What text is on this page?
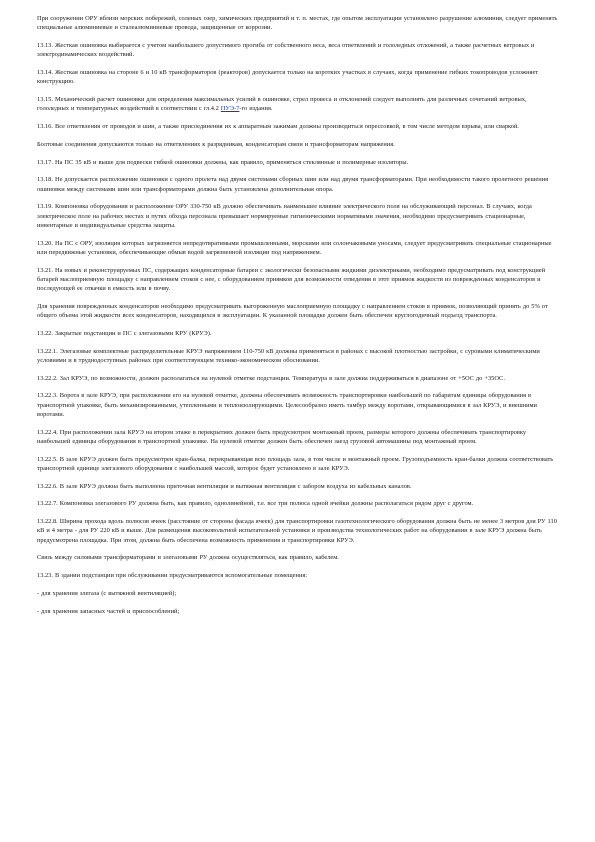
При сооружении ОРУ вблизи морских побережий, соленых озер, химических предприятий и т. п. местах, где опытом эксплуатации установлено разрушение алюминия, следует применять специальные алюминиевые и сталеалюминиевые провода, защищенные от коррозии.

13.13. Жесткая ошиновка выбирается с учетом наибольшего допустимого прогиба от собственного веса, веса ответвлений и гололедных отложений, а также расчетных ветровых и электродинамических воздействий.

13.14. Жесткая ошиновка на стороне 6 и 10 кВ трансформаторов (реакторов) допускается только на коротких участках в случаях, когда применение гибких токопроводов усложняет конструкцию.

13.15. Механический расчет ошиновки для определения максимальных усилий в ошиновке, стрел провеса и отклонений следует выполнять для различных сочетаний ветровых, гололедных и температурных воздействий в соответствии с гл.4.2 ПУЭ-7-го издания.

13.16. Все ответвления от проводов и шин, а также присоединения их к аппаратным зажимам должны производиться опрессовкой, в том числе методом взрыва, или сваркой.

Болтовые соединения допускаются только на ответвлениях к разрядникам, конденсаторам связи и трансформаторам напряжения.

13.17. На ПС 35 кВ и выше для подвески гибкой ошиновки должны, как правило, применяться стеклянные и полимерные изоляторы.

13.18. Не допускается расположение ошиновки с одного пролета над двумя системами сборных шин или над двумя трансформаторами. При необходимости такого пролетного решения ошиновки между системами шин или трансформаторами должна быть установлена дополнительная опора.

13.19. Компоновка оборудования и расположение ОРУ 330-750 кВ должно обеспечивать наименьшее влияние электрического поля на обслуживающий персонал. В случаях, когда электрическое поле на рабочих местах и путях обхода персонала превышает нормируемые гигиеническими нормативами значения, необходимо предусматривать стационарные, инвентарные и индивидуальные средства защиты.

13.20. На ПС с ОРУ, изоляция которых загрязняется непредотвратимыми промышленными, морскими или солончаковыми уносами, следует предусматривать специальные стационарные или передвижные установки, обеспечивающие обмыв водой загрязненной изоляции под напряжением.

13.21. На новых и реконструируемых ПС, содержащих конденсаторные батареи с экологически безопасными жидкими диэлектриками, необходимо предусматривать под конструкцией батарей маслоприемную площадку с направлением стоков с нее, с оборудованием приямков для возможности отведения в этот приямок жидкости из поврежденных конденсаторов и последующей ее откачки в емкость или в почву.

Для хранения поврежденных конденсаторов необходимо предусматривать выгороженную маслоприемную площадку с направлением стоков в приямок, позволяющий принять до 5% от общего объема этой жидкости всех конденсаторов, находящихся в эксплуатации. К указанной площадке должен быть обеспечен круглогодичный подъезд транспорта.

13.22. Закрытые подстанции и ПС с элегазовыми КРУ (КРУЭ).

13.22.1. Элегазовые комплектные распределительные КРУЭ напряжением 110-750 кВ должны применяться в районах с высокой плотностью застройки, с суровыми климатическими условиями и в труднодоступных районах при соответствующем технико-экономическом обосновании.

13.22.2. Зал КРУЭ, по возможности, должен располагаться на нулевой отметке подстанции. Температура в зале должна поддерживаться в диапазоне от +5ОС до +35ОС.

13.22.3. Ворота в зале КРУЭ, при расположении его на нулевой отметке, должны обеспечивать возможность транспортировки наибольшей по габаритам единицы оборудования в транспортной упаковке, быть механизированными, утепленными и теплоизолирующими. Целесообразно иметь тамбур между воротами, открывающимися в зал КРУЭ, и внешними воротами.

13.22.4. При расположении зала КРУЭ на втором этаже в перекрытиях должен быть предусмотрен монтажный проем, размеры которого должны обеспечивать транспортировку наибольшей единицы оборудования в транспортной упаковке. На нулевой отметке должен быть обеспечен заезд грузовой автомашины под монтажный проем.

13.22.5. В зале КРУЭ должен быть предусмотрен кран-балка, перекрывающая всю площадь зала, в том числе и монтажный проем. Грузоподъемность кран-балки должна соответствовать транспортной единице элегазового оборудования с наибольшей массой, которое будет установлено в зале КРУЭ.

13.22.6. В зале КРУЭ должна быть выполнена приточная вентиляция и вытяжная вентиляция с забором воздуха из кабельных каналов.

13.22.7. Компоновка элегазового РУ должна быть, как правило, однолинейной, т.е. все три полюса одной ячейки должны располагаться рядом друг с другом.

13.22.8. Ширина прохода вдоль полюсов ячеек (расстояние от стороны фасада ячеек) для транспортировки газотехнологического оборудования должна быть не менее 3 метров для РУ 110 кВ и 4 метра - для РУ 220 кВ и выше. Для размещения высоковольтной испытательной установки и производства технологических работ на оборудовании в зале КРУЭ должна быть предусмотрена площадка. При этом, должна быть обеспечена возможность применения и транспортировки КРУЭ.

Связь между силовыми трансформаторами и элегазовыми РУ должна осуществляться, как правило, кабелем.

13.23. В здании подстанции при обслуживании предусматриваются вспомогательные помещения:

- для хранения элегаза (с вытяжной вентиляцией);

- для хранения запасных частей и приспособлений;
